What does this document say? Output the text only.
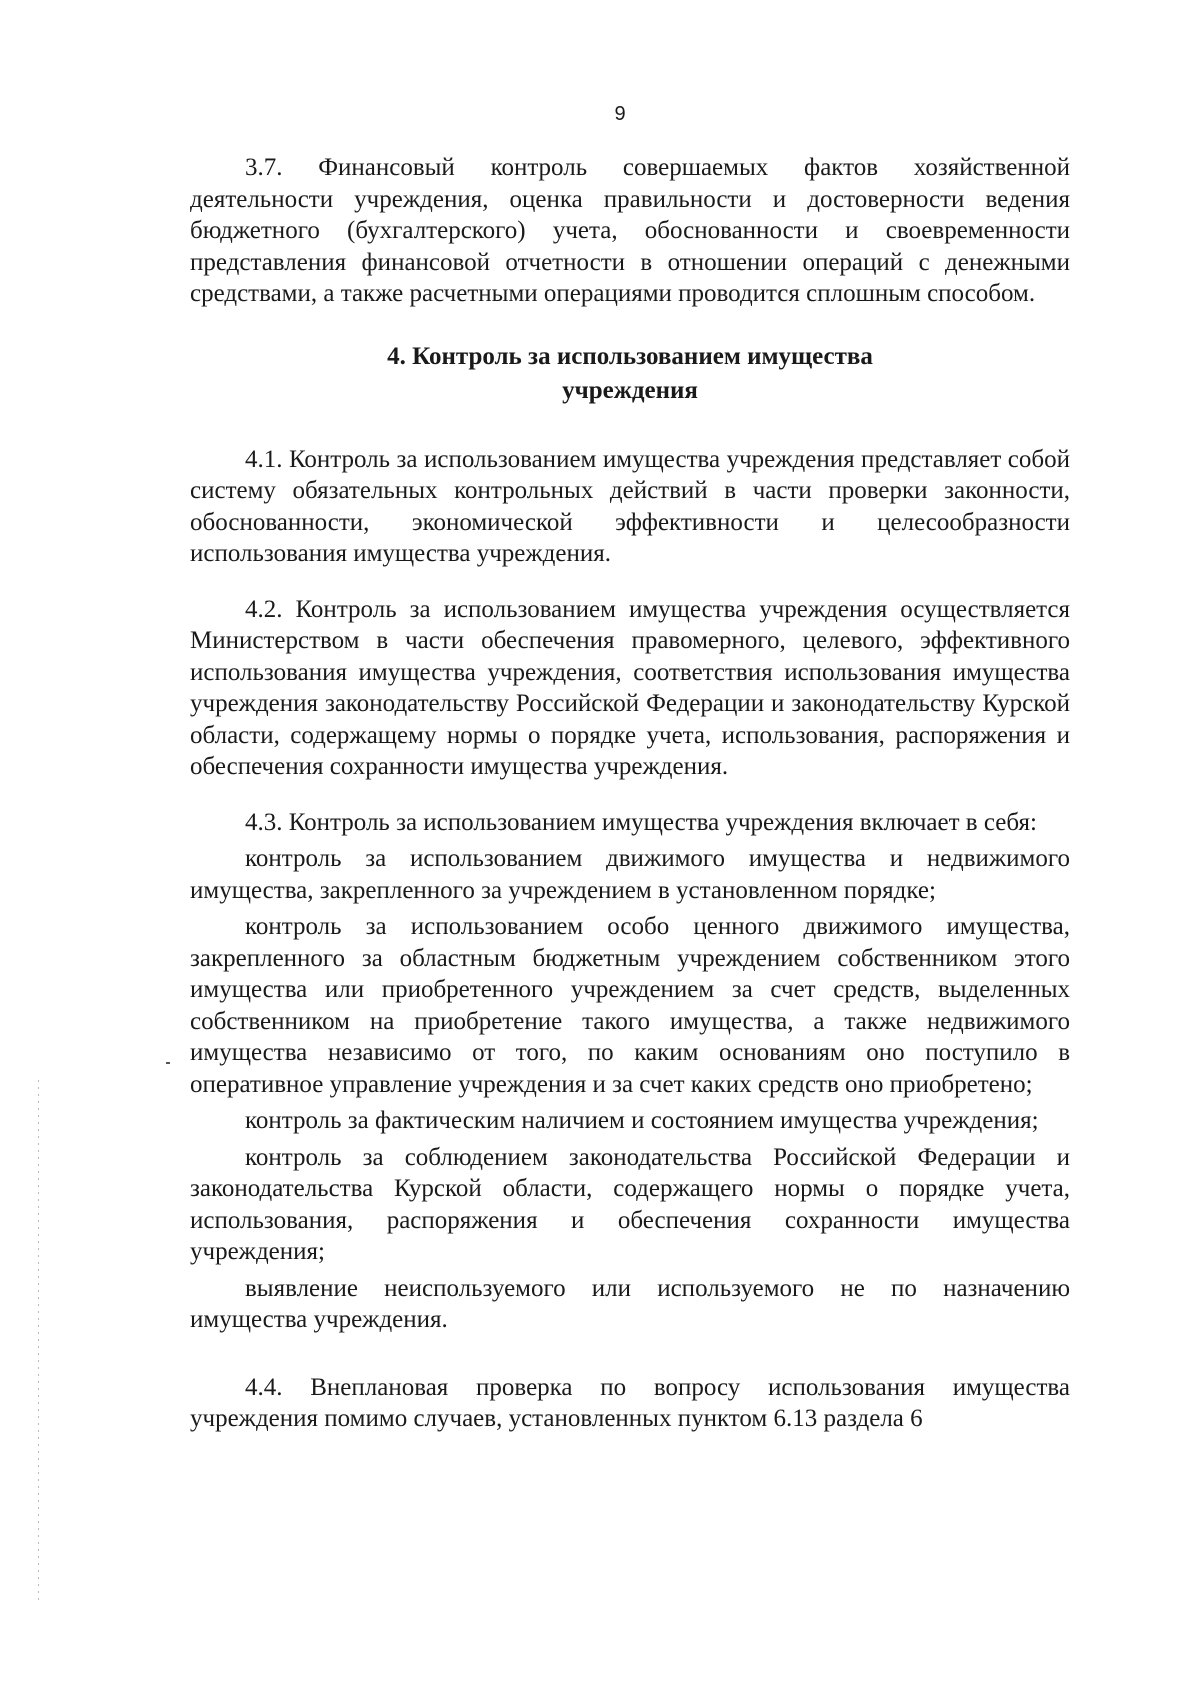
9

3.7. Финансовый контроль совершаемых фактов хозяйственной деятельности учреждения, оценка правильности и достоверности ведения бюджетного (бухгалтерского) учета, обоснованности и своевременности представления финансовой отчетности в отношении операций с денежными средствами, а также расчетными операциями проводится сплошным способом.

4. Контроль за использованием имущества
учреждения

4.1. Контроль за использованием имущества учреждения представляет собой систему обязательных контрольных действий в части проверки законности, обоснованности, экономической эффективности и целесообразности использования имущества учреждения.

4.2. Контроль за использованием имущества учреждения осуществляется Министерством в части обеспечения правомерного, целевого, эффективного использования имущества учреждения, соответствия использования имущества учреждения законодательству Российской Федерации и законодательству Курской области, содержащему нормы о порядке учета, использования, распоряжения и обеспечения сохранности имущества учреждения.

4.3. Контроль за использованием имущества учреждения включает в себя:

контроль за использованием движимого имущества и недвижимого имущества, закрепленного за учреждением в установленном порядке;

контроль за использованием особо ценного движимого имущества, закрепленного за областным бюджетным учреждением собственником этого имущества или приобретенного учреждением за счет средств, выделенных собственником на приобретение такого имущества, а также недвижимого имущества независимо от того, по каким основаниям оно поступило в оперативное управление учреждения и за счет каких средств оно приобретено;

контроль за фактическим наличием и состоянием имущества учреждения;

контроль за соблюдением законодательства Российской Федерации и законодательства Курской области, содержащего нормы о порядке учета, использования, распоряжения и обеспечения сохранности имущества учреждения;

выявление неиспользуемого или используемого не по назначению имущества учреждения.

4.4. Внеплановая проверка по вопросу использования имущества учреждения помимо случаев, установленных пунктом 6.13 раздела 6
